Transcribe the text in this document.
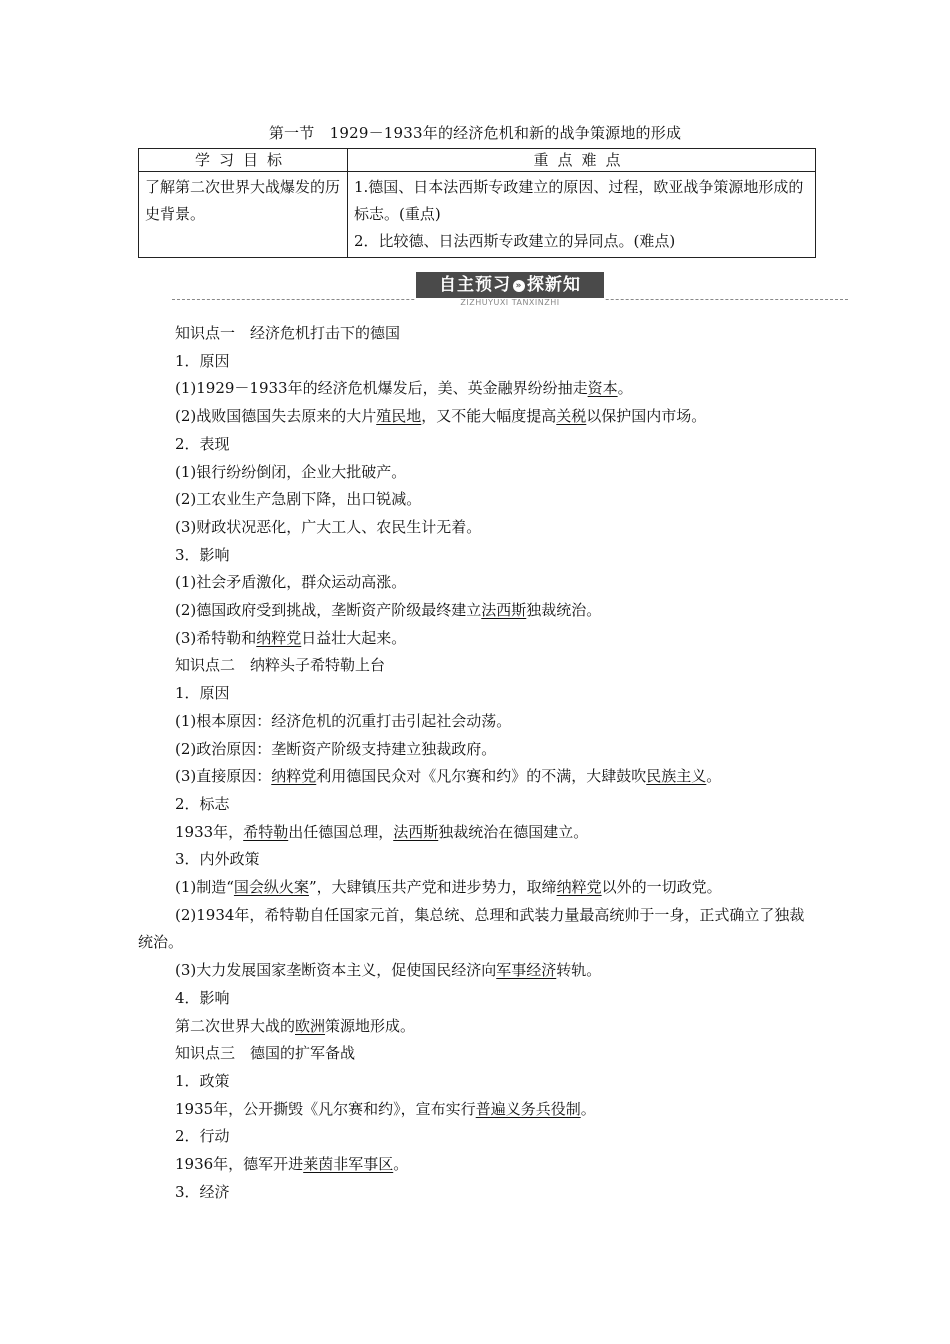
第一节　1929－1933年的经济危机和新的战争策源地的形成
学习目标	重点难点
了解第二次世界大战爆发的历史背景。	1.德国、日本法西斯专政建立的原因、过程，欧亚战争策源地形成的标志。(重点)
2．比较德、日法西斯专政建立的异同点。(难点)
自主预习 » 探新知
ZIZHUYUXI TANXINZHI

知识点一　经济危机打击下的德国

1．原因

(1)1929－1933年的经济危机爆发后，美、英金融界纷纷抽走资本。

(2)战败国德国失去原来的大片殖民地，又不能大幅度提高关税以保护国内市场。

2．表现

(1)银行纷纷倒闭，企业大批破产。

(2)工农业生产急剧下降，出口锐减。

(3)财政状况恶化，广大工人、农民生计无着。

3．影响

(1)社会矛盾激化，群众运动高涨。

(2)德国政府受到挑战，垄断资产阶级最终建立法西斯独裁统治。

(3)希特勒和纳粹党日益壮大起来。

知识点二　纳粹头子希特勒上台

1．原因

(1)根本原因：经济危机的沉重打击引起社会动荡。

(2)政治原因：垄断资产阶级支持建立独裁政府。

(3)直接原因：纳粹党利用德国民众对《凡尔赛和约》的不满，大肆鼓吹民族主义。

2．标志

1933年，希特勒出任德国总理，法西斯独裁统治在德国建立。

3．内外政策

(1)制造“国会纵火案”，大肆镇压共产党和进步势力，取缔纳粹党以外的一切政党。

(2)1934年，希特勒自任国家元首，集总统、总理和武装力量最高统帅于一身，正式确立了独裁统治。

(3)大力发展国家垄断资本主义，促使国民经济向军事经济转轨。

4．影响

第二次世界大战的欧洲策源地形成。

知识点三　德国的扩军备战

1．政策

1935年，公开撕毁《凡尔赛和约》，宣布实行普遍义务兵役制。

2．行动

1936年，德军开进莱茵非军事区。

3．经济
